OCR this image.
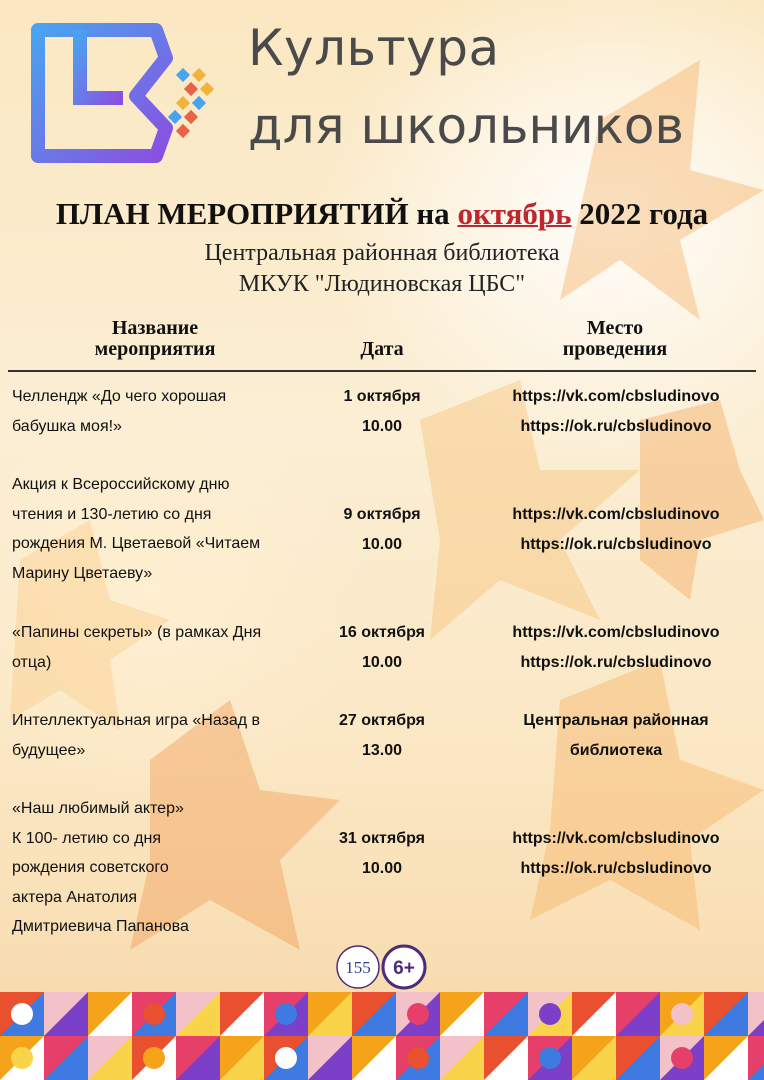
Культура
для школьников
ПЛАН МЕРОПРИЯТИЙ на октябрь 2022 года
Центральная районная библиотека
МКУК "Людиновская ЦБС"
Название
мероприятия	Дата
Место
проведения
Челлендж «До чего хорошая
бабушка моя!»
1 октября
10.00
https://vk.com/cbsludinovo
https://ok.ru/cbsludinovo
Акция к Всероссийскому дню
чтения и 130-летию со дня
рождения М. Цветаевой «Читаем
Марину Цветаеву»
9 октября
10.00
https://vk.com/cbsludinovo
https://ok.ru/cbsludinovo
«Папины секреты» (в рамках Дня
отца)
16 октября
10.00
https://vk.com/cbsludinovo
https://ok.ru/cbsludinovo
Интеллектуальная игра «Назад в
будущее»
27 октября
13.00
Центральная районная
библиотека
«Наш любимый актер»
К 100- летию со дня
рождения советского
актера Анатолия
Дмитриевича Папанова
31 октября
10.00
https://vk.com/cbsludinovo
https://ok.ru/cbsludinovo
155 6+
